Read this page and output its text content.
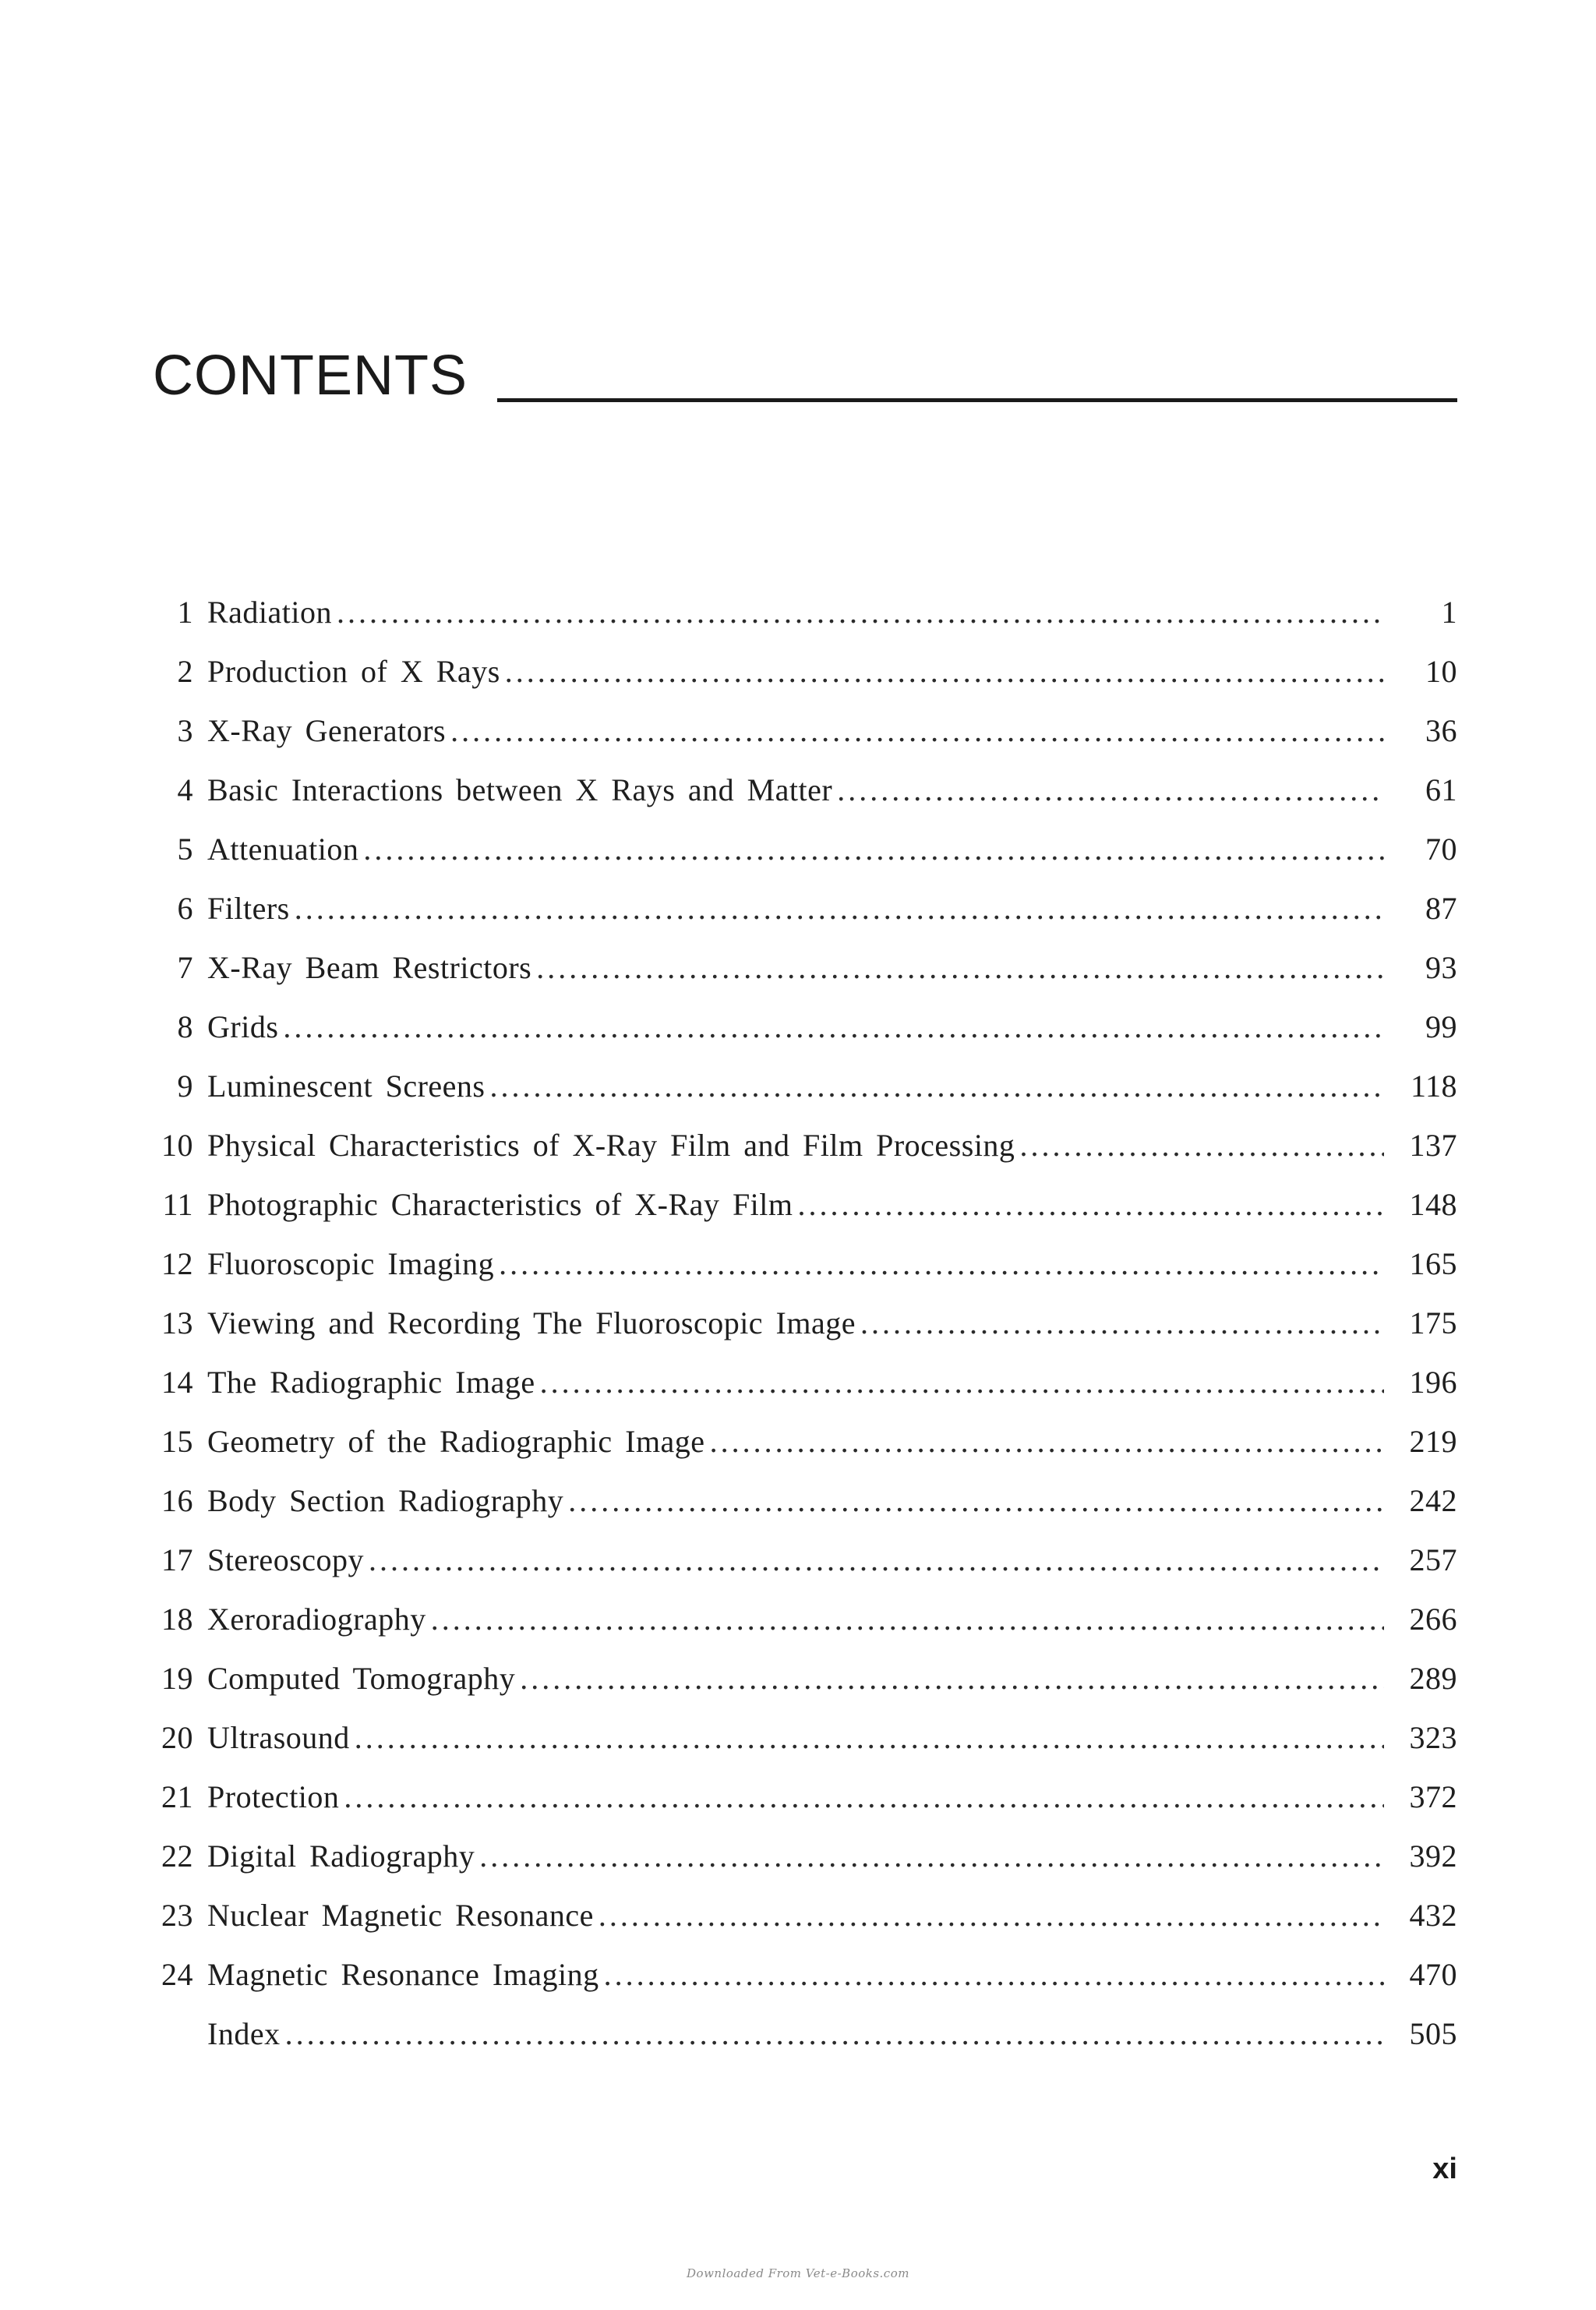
CONTENTS
1 Radiation . . .	1
2 Production of X Rays . . .	10
3 X-Ray Generators . . .	36
4 Basic Interactions between X Rays and Matter . . .	61
5 Attenuation . . .	70
6 Filters . . .	87
7 X-Ray Beam Restrictors . . .	93
8 Grids . . .	99
9 Luminescent Screens . . .	118
10 Physical Characteristics of X-Ray Film and Film Processing . . .	137
11 Photographic Characteristics of X-Ray Film . . .	148
12 Fluoroscopic Imaging . . .	165
13 Viewing and Recording The Fluoroscopic Image . . .	175
14 The Radiographic Image . . .	196
15 Geometry of the Radiographic Image . . .	219
16 Body Section Radiography . . .	242
17 Stereoscopy . . .	257
18 Xeroradiography . . .	266
19 Computed Tomography . . .	289
20 Ultrasound . . .	323
21 Protection . . .	372
22 Digital Radiography . . .	392
23 Nuclear Magnetic Resonance . . .	432
24 Magnetic Resonance Imaging . . .	470
Index . . .	505
xi
Downloaded From Vet-e-Books.com
